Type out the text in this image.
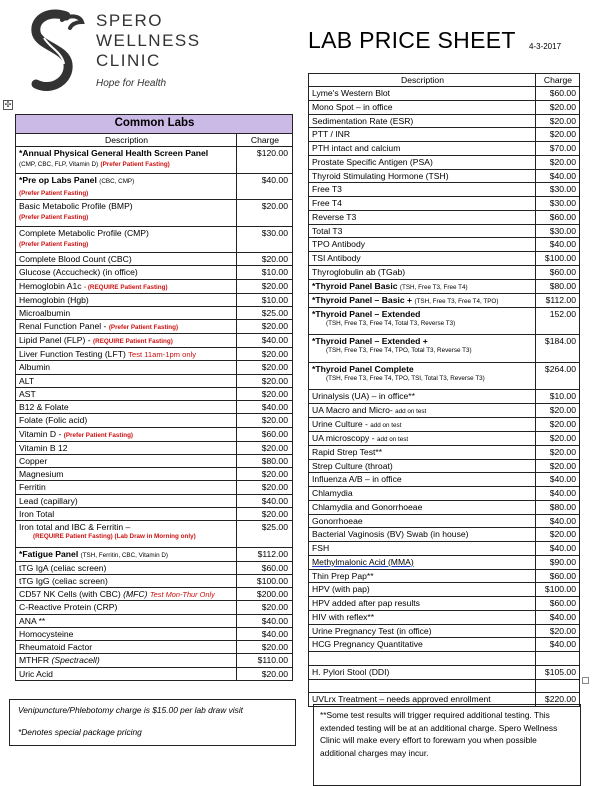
SPERO
WELLNESS
CLINIC
Hope for Health
LAB PRICE SHEET 4-3-2017
✣
Common Labs	
Description	Charge
*Annual Physical General Health Screen Panel
(CMP, CBC, FLP, Vitamin D) (Prefer Patient Fasting)	$120.00
*Pre op Labs Panel (CBC, CMP)
(Prefer Patient Fasting)	$40.00
Basic Metabolic Profile (BMP)
(Prefer Patient Fasting)	$20.00
Complete Metabolic Profile (CMP)
(Prefer Patient Fasting)	$30.00
Complete Blood Count (CBC)	$20.00
Glucose (Accucheck) (in office)	$10.00
Hemoglobin A1c - (REQUIRE Patient Fasting)	$20.00
Hemoglobin (Hgb)	$10.00
Microalbumin	$25.00
Renal Function Panel - (Prefer Patient Fasting)	$20.00
Lipid Panel (FLP) - (REQUIRE Patient Fasting)	$40.00
Liver Function Testing (LFT) Test 11am-1pm only	$20.00
Albumin	$20.00
ALT	$20.00
AST	$20.00
B12 & Folate	$40.00
Folate (Folic acid)	$20.00
Vitamin D - (Prefer Patient Fasting)	$60.00
Vitamin B 12	$20.00
Copper	$80.00
Magnesium	$20.00
Ferritin	$20.00
Lead (capillary)	$40.00
Iron Total	$20.00
Iron total and IBC & Ferritin –

(REQUIRE Patient Fasting) (Lab Draw in Morning only)	$25.00
*Fatigue Panel (TSH, Ferritin, CBC, Vitamin D)	$112.00
tTG IgA (celiac screen)	$60.00
tTG IgG (celiac screen)	$100.00
CD57 NK Cells (with CBC) (MFC) Test Mon-Thur Only	$200.00
C-Reactive Protein (CRP)	$20.00
ANA **	$40.00
Homocysteine	$40.00
Rheumatoid Factor	$20.00
MTHFR (Spectracell)	$110.00
Uric Acid	$20.00
Description	Charge
Lyme's Western Blot	$60.00
Mono Spot – in office	$20.00
Sedimentation Rate (ESR)	$20.00
PTT / INR	$20.00
PTH intact and calcium	$70.00
Prostate Specific Antigen (PSA)	$20.00
Thyroid Stimulating Hormone (TSH)	$40.00
Free T3	$30.00
Free T4	$30.00
Reverse T3	$60.00
Total T3	$30.00
TPO Antibody	$40.00
TSI Antibody	$100.00
Thyroglobulin ab (TGab)	$60.00
*Thyroid Panel Basic (TSH, Free T3, Free T4)	$80.00
*Thyroid Panel – Basic + (TSH, Free T3, Free T4, TPO)	$112.00
*Thyroid Panel – Extended

(TSH, Free T3, Free T4, Total T3, Reverse T3)	152.00
*Thyroid Panel – Extended +

(TSH, Free T3, Free T4, TPO, Total T3, Reverse T3)	$184.00
*Thyroid Panel Complete

(TSH, Free T3, Free T4, TPO, TSI, Total T3, Reverse T3)	$264.00
Urinalysis (UA) – in office**	$10.00
UA Macro and Micro- add on test	$20.00
Urine Culture - add on test	$20.00
UA microscopy - add on test	$20.00
Rapid Strep Test**	$20.00
Strep Culture (throat)	$20.00
Influenza A/B – in office	$40.00
Chlamydia	$40.00
Chlamydia and Gonorrhoeae	$80.00
Gonorrhoeae	$40.00
Bacterial Vaginosis (BV) Swab (in house)	$20.00
FSH	$40.00
Methylmalonic Acid (MMA)	$90.00
Thin Prep Pap**	$60.00
HPV (with pap)	$100.00
HPV added after pap results	$60.00
HIV with reflex**	$40.00
Urine Pregnancy Test (in office)	$20.00
HCG Pregnancy Quantitative	$40.00

H. Pylori Stool (DDI)	$105.00

UVLrx Treatment – needs approved enrollment	$220.00

Venipuncture/Phlebotomy charge is $15.00 per lab draw visit

*Denotes special package pricing

**Some test results will trigger required additional testing. This extended testing will be at an additional charge. Spero Wellness Clinic will make every effort to forewarn you when possible additional charges may incur.
